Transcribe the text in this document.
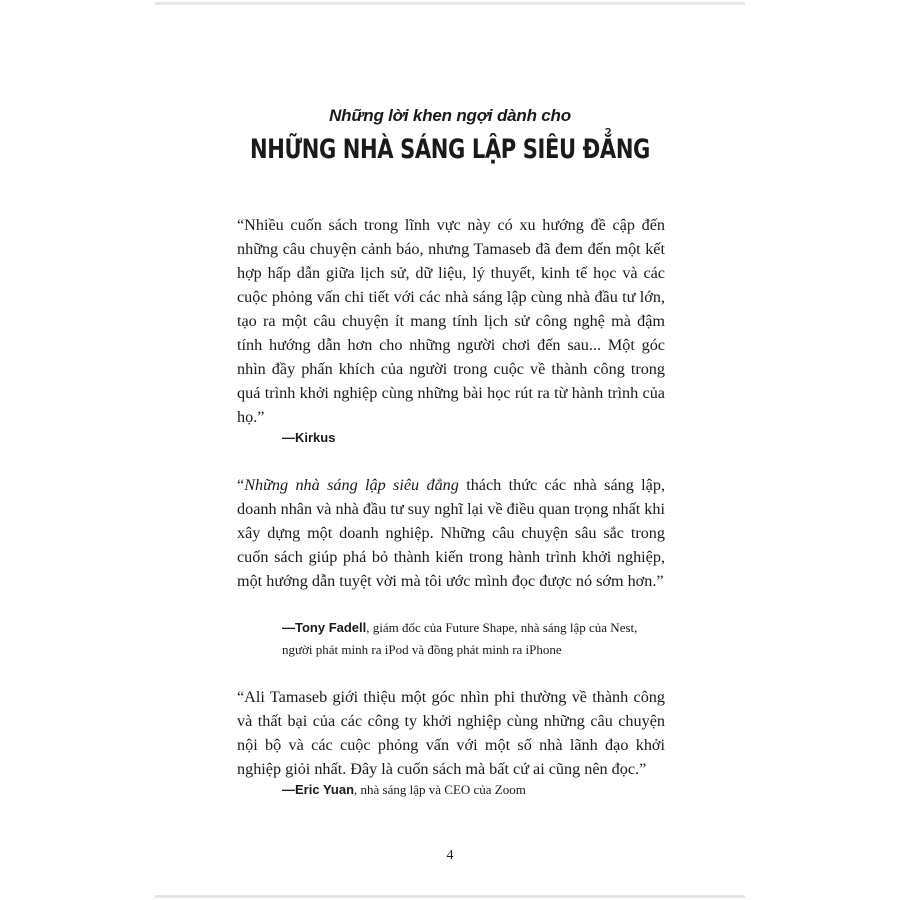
Những lời khen ngợi dành cho
NHỮNG NHÀ SÁNG LẬP SIÊU ĐẲNG

“Nhiều cuốn sách trong lĩnh vực này có xu hướng đề cập đến những câu chuyện cảnh báo, nhưng Tamaseb đã đem đến một kết hợp hấp dẫn giữa lịch sử, dữ liệu, lý thuyết, kinh tế học và các cuộc phỏng vấn chi tiết với các nhà sáng lập cùng nhà đầu tư lớn, tạo ra một câu chuyện ít mang tính lịch sử công nghệ mà đậm tính hướng dẫn hơn cho những người chơi đến sau... Một góc nhìn đầy phấn khích của người trong cuộc về thành công trong quá trình khởi nghiệp cùng những bài học rút ra từ hành trình của họ.”

—Kirkus

“Những nhà sáng lập siêu đẳng thách thức các nhà sáng lập, doanh nhân và nhà đầu tư suy nghĩ lại về điều quan trọng nhất khi xây dựng một doanh nghiệp. Những câu chuyện sâu sắc trong cuốn sách giúp phá bỏ thành kiến trong hành trình khởi nghiệp, một hướng dẫn tuyệt vời mà tôi ước mình đọc được nó sớm hơn.”

—Tony Fadell, giám đốc của Future Shape, nhà sáng lập của Nest,
người phát minh ra iPod và đồng phát minh ra iPhone

“Ali Tamaseb giới thiệu một góc nhìn phi thường về thành công và thất bại của các công ty khởi nghiệp cùng những câu chuyện nội bộ và các cuộc phỏng vấn với một số nhà lãnh đạo khởi nghiệp giỏi nhất. Đây là cuốn sách mà bất cứ ai cũng nên đọc.”

—Eric Yuan, nhà sáng lập và CEO của Zoom
4
